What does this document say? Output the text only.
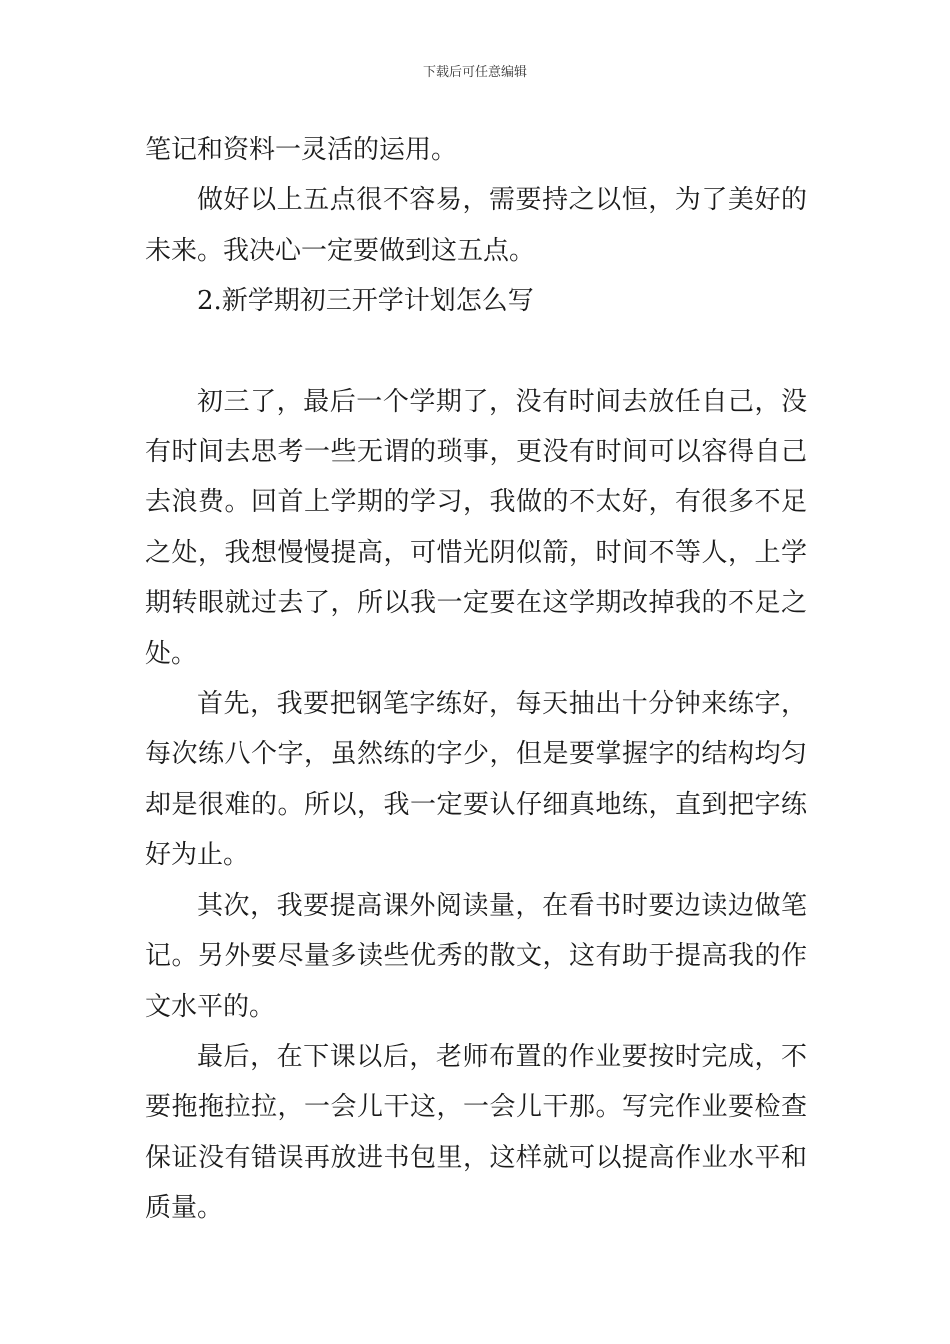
下载后可任意编辑

笔记和资料一灵活的运用。

做好以上五点很不容易，需要持之以恒，为了美好的未来。我决心一定要做到这五点。

2.新学期初三开学计划怎么写

初三了，最后一个学期了，没有时间去放任自己，没有时间去思考一些无谓的琐事，更没有时间可以容得自己去浪费。回首上学期的学习，我做的不太好，有很多不足之处，我想慢慢提高，可惜光阴似箭，时间不等人，上学期转眼就过去了，所以我一定要在这学期改掉我的不足之处。

首先，我要把钢笔字练好，每天抽出十分钟来练字，每次练八个字，虽然练的字少，但是要掌握字的结构均匀却是很难的。所以，我一定要认仔细真地练，直到把字练好为止。

其次，我要提高课外阅读量，在看书时要边读边做笔记。另外要尽量多读些优秀的散文，这有助于提高我的作文水平的。

最后，在下课以后，老师布置的作业要按时完成，不要拖拖拉拉，一会儿干这，一会儿干那。写完作业要检查保证没有错误再放进书包里，这样就可以提高作业水平和质量。
